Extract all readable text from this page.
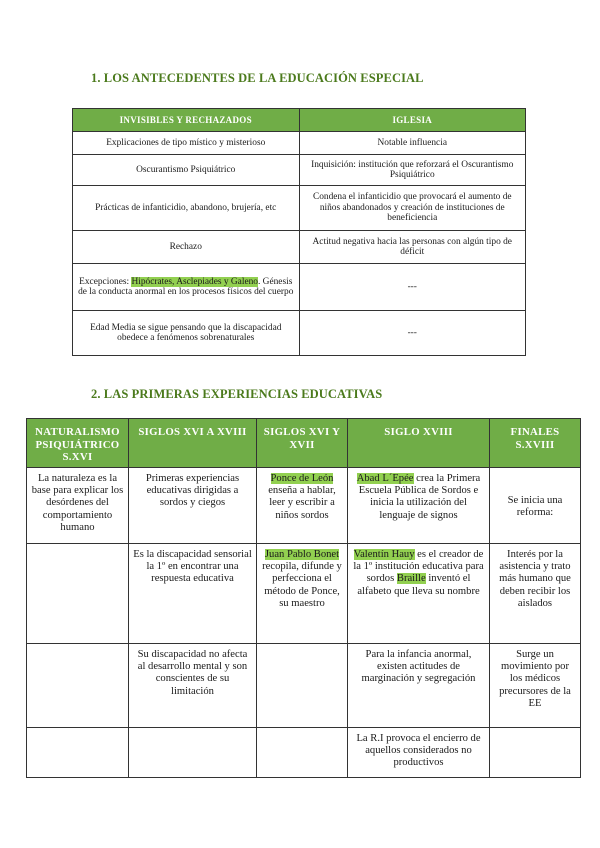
1. LOS ANTECEDENTES DE LA EDUCACIÓN ESPECIAL
INVISIBLES Y RECHAZADOS	IGLESIA
Explicaciones de tipo místico y misterioso	Notable influencia
Oscurantismo Psiquiátrico	Inquisición: institución que reforzará el Oscurantismo Psiquiátrico
Prácticas de infanticidio, abandono, brujería, etc	Condena el infanticidio que provocará el aumento de niños abandonados y creación de instituciones de beneficiencia
Rechazo	Actitud negativa hacia las personas con algún tipo de déficit
Excepciones: Hipócrates, Asclepiades y Galeno. Génesis de la conducta anormal en los procesos físicos del cuerpo	---
Edad Media se sigue pensando que la discapacidad obedece a fenómenos sobrenaturales	---
2. LAS PRIMERAS EXPERIENCIAS EDUCATIVAS
NATURALISMO PSIQUIÁTRICO S.XVI	SIGLOS XVI A XVIII	SIGLOS XVI Y XVII	SIGLO XVIII	FINALES S.XVIII
La naturaleza es la base para explicar los desórdenes del comportamiento humano	Primeras experiencias educativas dirigidas a sordos y ciegos	Ponce de León enseña a hablar, leer y escribir a niños sordos	Abad L´Epée crea la Primera Escuela Pública de Sordos e inicia la utilización del lenguaje de signos	Se inicia una reforma:
	Es la discapacidad sensorial la 1º en encontrar una respuesta educativa	Juan Pablo Bonet recopila, difunde y perfecciona el método de Ponce, su maestro	Valentín Hauy es el creador de la 1º institución educativa para sordos Braille inventó el alfabeto que lleva su nombre	Interés por la asistencia y trato más humano que deben recibir los aislados
	Su discapacidad no afecta al desarrollo mental y son conscientes de su limitación		Para la infancia anormal, existen actitudes de marginación y segregación	Surge un movimiento por los médicos precursores de la EE
			La R.I provoca el encierro de aquellos considerados no productivos	
